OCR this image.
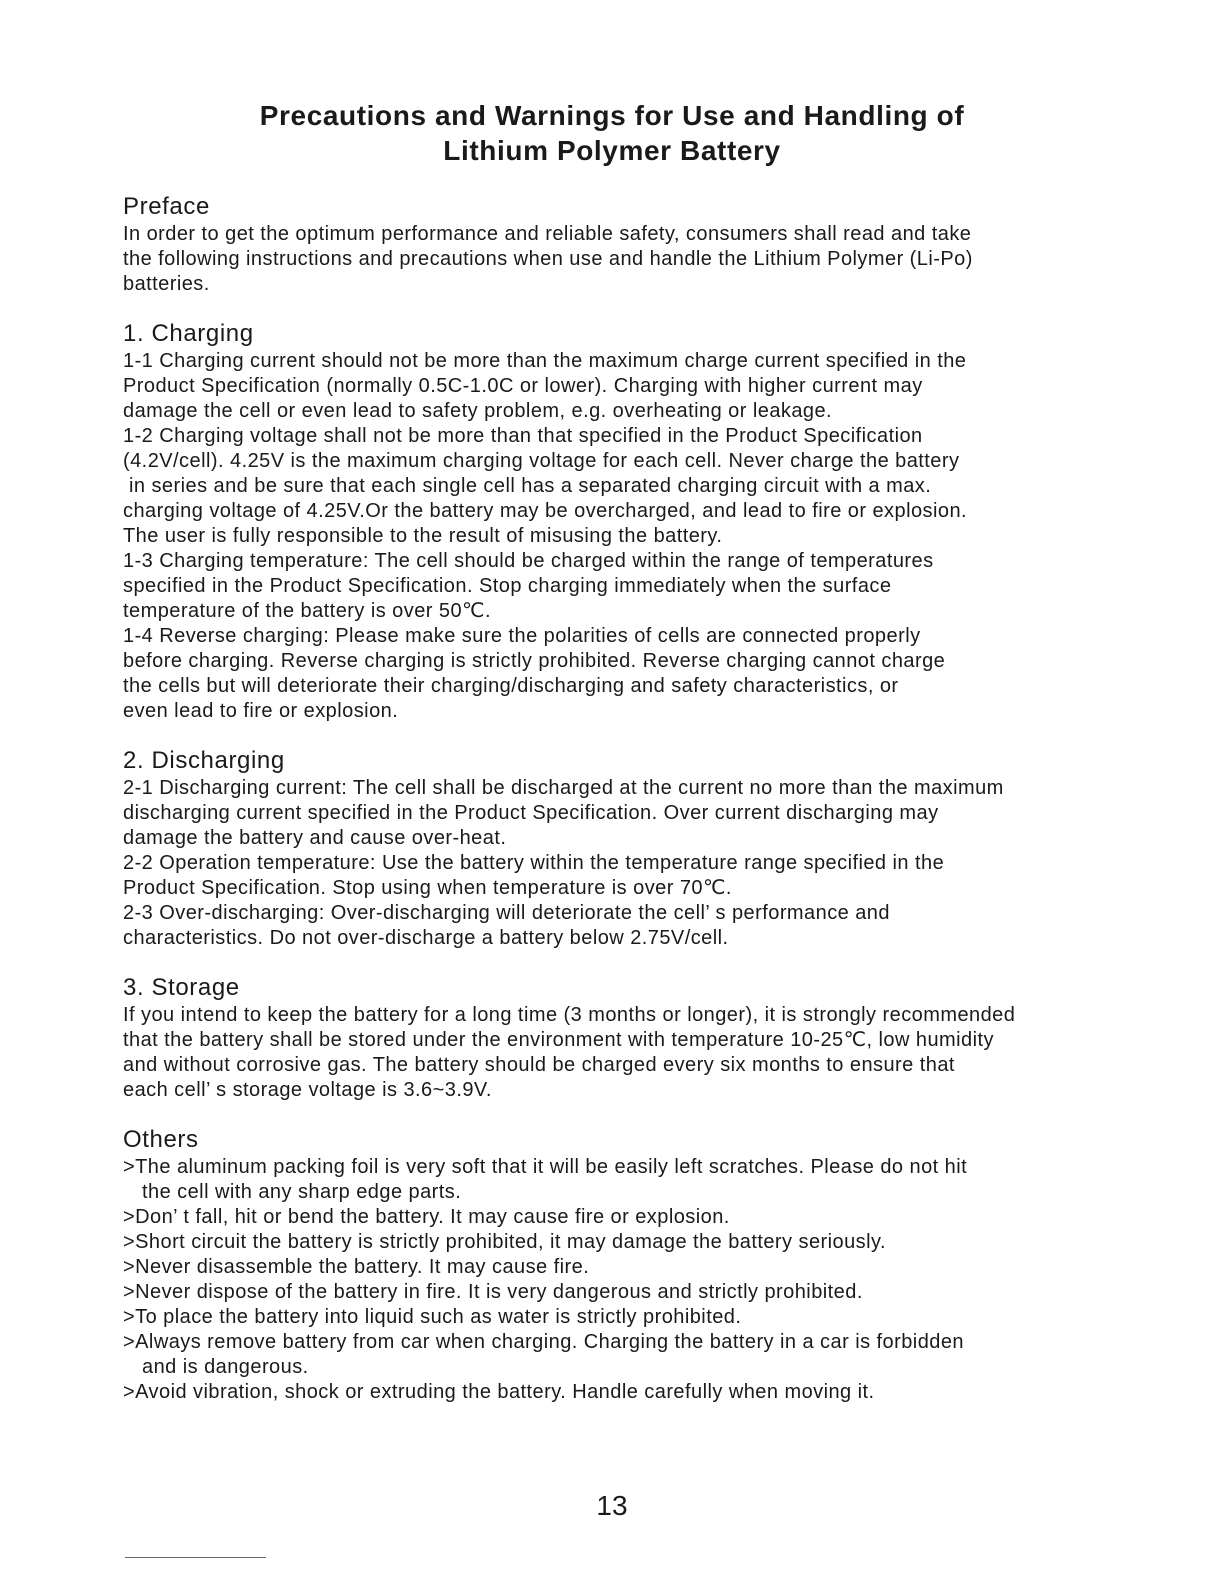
Precautions and Warnings for Use and Handling of
Lithium Polymer Battery
Preface

In order to get the optimum performance and reliable safety, consumers shall read and take
the following instructions and precautions when use and handle the Lithium Polymer (Li-Po)
batteries.

1. Charging

1-1 Charging current should not be more than the maximum charge current specified in the
Product Specification (normally 0.5C-1.0C or lower). Charging with higher current may
damage the cell or even lead to safety problem, e.g. overheating or leakage.
1-2 Charging voltage shall not be more than that specified in the Product Specification
(4.2V/cell). 4.25V is the maximum charging voltage for each cell. Never charge the battery
in series and be sure that each single cell has a separated charging circuit with a max.
charging voltage of 4.25V.Or the battery may be overcharged, and lead to fire or explosion.
The user is fully responsible to the result of misusing the battery.
1-3 Charging temperature: The cell should be charged within the range of temperatures
specified in the Product Specification. Stop charging immediately when the surface
temperature of the battery is over 50℃.
1-4 Reverse charging: Please make sure the polarities of cells are connected properly
before charging. Reverse charging is strictly prohibited. Reverse charging cannot charge
the cells but will deteriorate their charging/discharging and safety characteristics, or
even lead to fire or explosion.

2. Discharging

2-1 Discharging current: The cell shall be discharged at the current no more than the maximum
discharging current specified in the Product Specification. Over current discharging may
damage the battery and cause over-heat.
2-2 Operation temperature: Use the battery within the temperature range specified in the
Product Specification. Stop using when temperature is over 70℃.
2-3 Over-discharging: Over-discharging will deteriorate the cell’ s performance and
characteristics. Do not over-discharge a battery below 2.75V/cell.

3. Storage

If you intend to keep the battery for a long time (3 months or longer), it is strongly recommended
that the battery shall be stored under the environment with temperature 10-25℃, low humidity
and without corrosive gas. The battery should be charged every six months to ensure that
each cell’ s storage voltage is 3.6~3.9V.

Others

>The aluminum packing foil is very soft that it will be easily left scratches. Please do not hit
the cell with any sharp edge parts.
>Don’ t fall, hit or bend the battery. It may cause fire or explosion.
>Short circuit the battery is strictly prohibited, it may damage the battery seriously.
>Never disassemble the battery. It may cause fire.
>Never dispose of the battery in fire. It is very dangerous and strictly prohibited.
>To place the battery into liquid such as water is strictly prohibited.
>Always remove battery from car when charging. Charging the battery in a car is forbidden
and is dangerous.
>Avoid vibration, shock or extruding the battery. Handle carefully when moving it.

13
